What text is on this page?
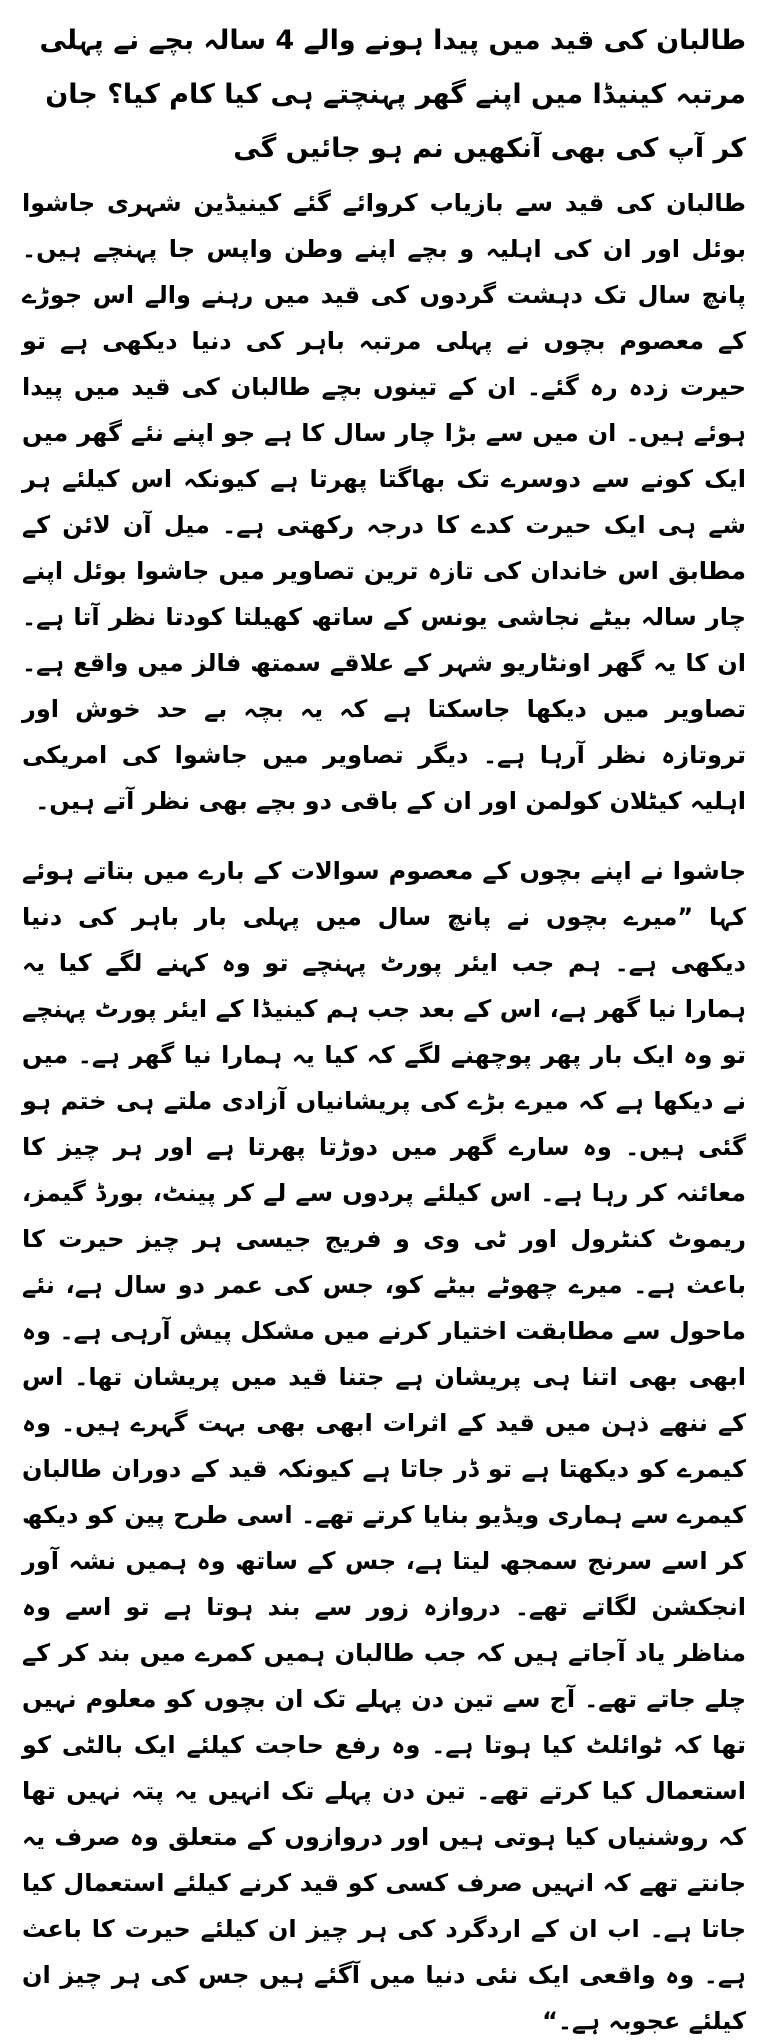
طالبان کی قید میں پیدا ہونے والے 4 سالہ بچے نے پہلی مرتبہ کینیڈا میں اپنے گھر پہنچتے ہی کیا کام کیا؟ جان کر آپ کی بھی آنکھیں نم ہو جائیں گی

طالبان کی قید سے بازیاب کروائے گئے کینیڈین شہری جاشوا بوئل اور ان کی اہلیہ و بچے اپنے وطن واپس جا پہنچے ہیں۔ پانچ سال تک دہشت گردوں کی قید میں رہنے والے اس جوڑے کے معصوم بچوں نے پہلی مرتبہ باہر کی دنیا دیکھی ہے تو حیرت زدہ رہ گئے۔ ان کے تینوں بچے طالبان کی قید میں پیدا ہوئے ہیں۔ ان میں سے بڑا چار سال کا ہے جو اپنے نئے گھر میں ایک کونے سے دوسرے تک بھاگتا پھرتا ہے کیونکہ اس کیلئے ہر شے ہی ایک حیرت کدے کا درجہ رکھتی ہے۔ میل آن لائن کے مطابق اس خاندان کی تازہ ترین تصاویر میں جاشوا بوئل اپنے چار سالہ بیٹے نجاشی یونس کے ساتھ کھیلتا کودتا نظر آتا ہے۔ ان کا یہ گھر اونٹاریو شہر کے علاقے سمتھ فالز میں واقع ہے۔ تصاویر میں دیکھا جاسکتا ہے کہ یہ بچہ بے حد خوش اور تروتازہ نظر آرہا ہے۔ دیگر تصاویر میں جاشوا کی امریکی اہلیہ کیٹلان کولمن اور ان کے باقی دو بچے بھی نظر آتے ہیں۔

جاشوا نے اپنے بچوں کے معصوم سوالات کے بارے میں بتاتے ہوئے کہا ”میرے بچوں نے پانچ سال میں پہلی بار باہر کی دنیا دیکھی ہے۔ ہم جب ایئر پورٹ پہنچے تو وہ کہنے لگے کیا یہ ہمارا نیا گھر ہے، اس کے بعد جب ہم کینیڈا کے ایئر پورٹ پہنچے تو وہ ایک بار پھر پوچھنے لگے کہ کیا یہ ہمارا نیا گھر ہے۔ میں نے دیکھا ہے کہ میرے بڑے کی پریشانیاں آزادی ملتے ہی ختم ہو گئی ہیں۔ وہ سارے گھر میں دوڑتا پھرتا ہے اور ہر چیز کا معائنہ کر رہا ہے۔ اس کیلئے پردوں سے لے کر پینٹ، بورڈ گیمز، ریموٹ کنٹرول اور ٹی وی و فریج جیسی ہر چیز حیرت کا باعث ہے۔ میرے چھوٹے بیٹے کو، جس کی عمر دو سال ہے، نئے ماحول سے مطابقت اختیار کرنے میں مشکل پیش آرہی ہے۔ وہ ابھی بھی اتنا ہی پریشان ہے جتنا قید میں پریشان تھا۔ اس کے ننھے ذہن میں قید کے اثرات ابھی بھی بہت گہرے ہیں۔ وہ کیمرے کو دیکھتا ہے تو ڈر جاتا ہے کیونکہ قید کے دوران طالبان کیمرے سے ہماری ویڈیو بنایا کرتے تھے۔ اسی طرح پین کو دیکھ کر اسے سرنج سمجھ لیتا ہے، جس کے ساتھ وہ ہمیں نشہ آور انجکشن لگاتے تھے۔ دروازہ زور سے بند ہوتا ہے تو اسے وہ مناظر یاد آجاتے ہیں کہ جب طالبان ہمیں کمرے میں بند کر کے چلے جاتے تھے۔ آج سے تین دن پہلے تک ان بچوں کو معلوم نہیں تھا کہ ٹوائلٹ کیا ہوتا ہے۔ وہ رفع حاجت کیلئے ایک بالٹی کو استعمال کیا کرتے تھے۔ تین دن پہلے تک انہیں یہ پتہ نہیں تھا کہ روشنیاں کیا ہوتی ہیں اور دروازوں کے متعلق وہ صرف یہ جانتے تھے کہ انہیں صرف کسی کو قید کرنے کیلئے استعمال کیا جاتا ہے۔ اب ان کے اردگرد کی ہر چیز ان کیلئے حیرت کا باعث ہے۔ وہ واقعی ایک نئی دنیا میں آگئے ہیں جس کی ہر چیز ان کیلئے عجوبہ ہے۔“
